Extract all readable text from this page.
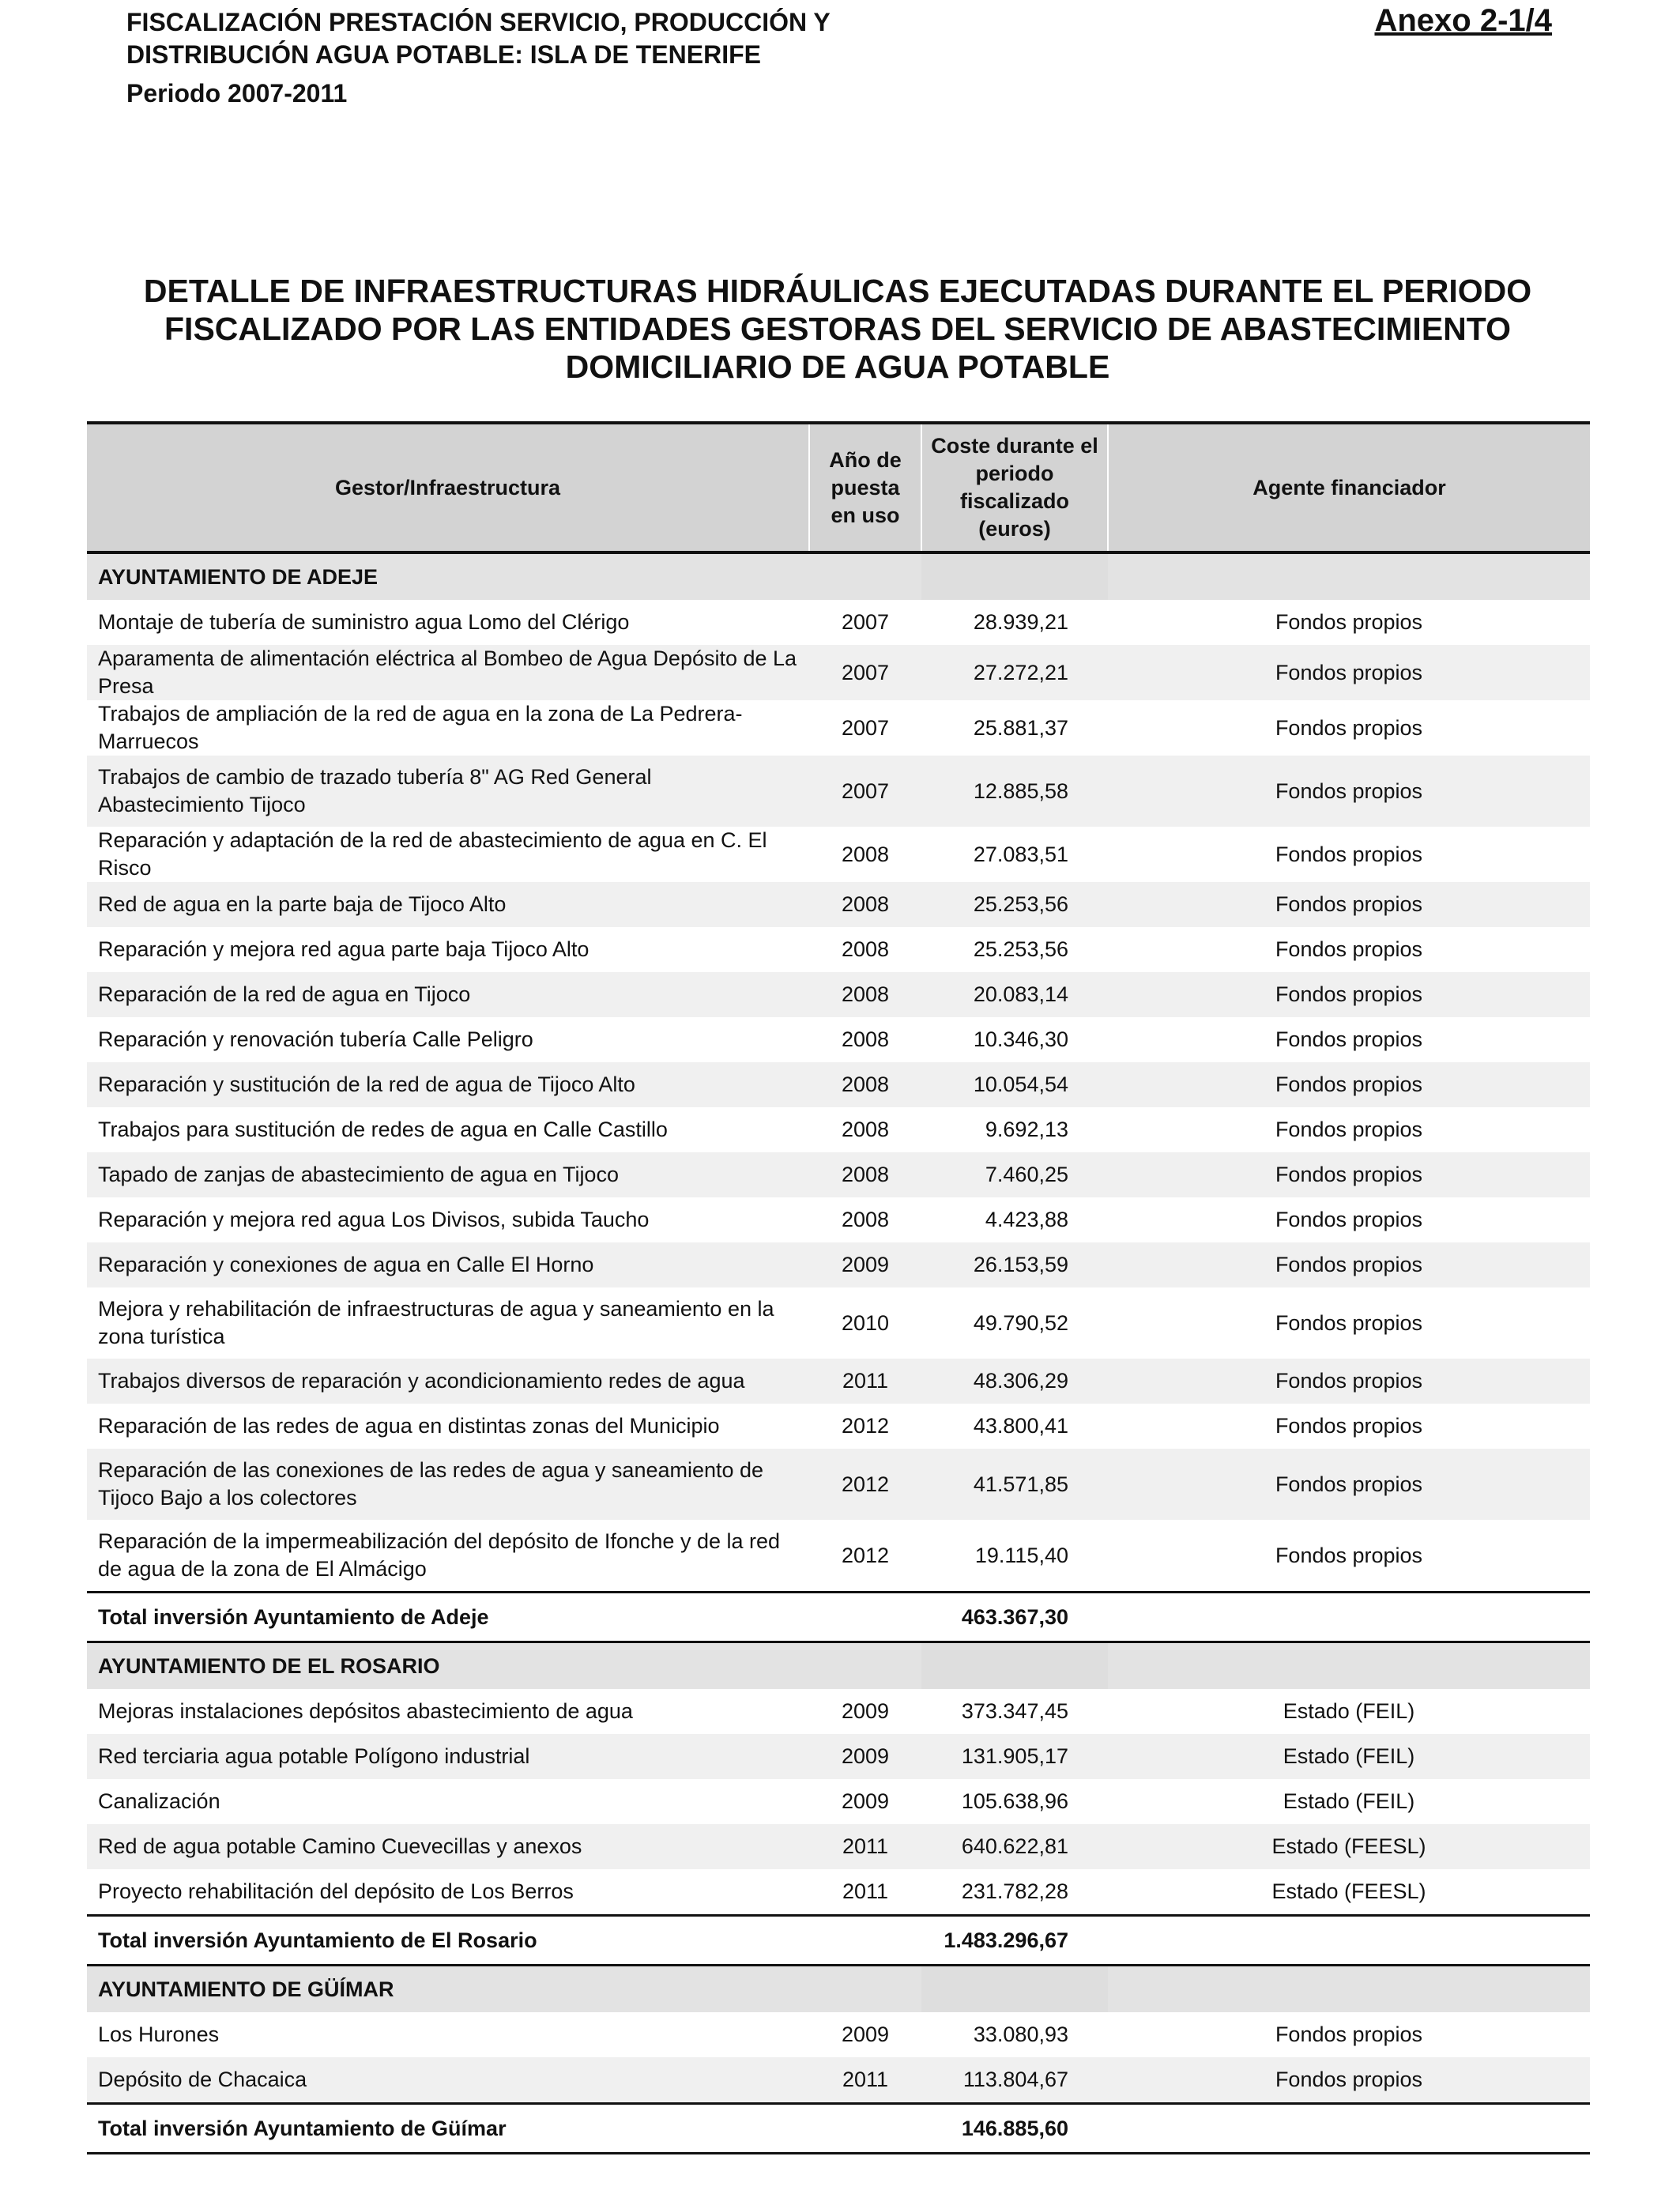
FISCALIZACIÓN PRESTACIÓN SERVICIO, PRODUCCIÓN Y
DISTRIBUCIÓN AGUA POTABLE: ISLA DE TENERIFE
Periodo 2007-2011
Anexo 2-1/4
DETALLE DE INFRAESTRUCTURAS HIDRÁULICAS EJECUTADAS DURANTE EL PERIODO
FISCALIZADO POR LAS ENTIDADES GESTORAS DEL SERVICIO DE ABASTECIMIENTO
DOMICILIARIO DE AGUA POTABLE
Gestor/Infraestructura	Año de puesta en uso	Coste durante el periodo fiscalizado (euros)	Agente financiador
AYUNTAMIENTO DE ADEJE			
Montaje de tubería de suministro agua Lomo del Clérigo	2007	28.939,21	Fondos propios
Aparamenta de alimentación eléctrica al Bombeo de Agua Depósito de La Presa	2007	27.272,21	Fondos propios
Trabajos de ampliación de la red de agua en la zona de La Pedrera-Marruecos	2007	25.881,37	Fondos propios
Trabajos de cambio de trazado tubería 8" AG Red General Abastecimiento Tijoco	2007	12.885,58	Fondos propios
Reparación y adaptación de la red de abastecimiento de agua en C. El Risco	2008	27.083,51	Fondos propios
Red de agua en la parte baja de Tijoco Alto	2008	25.253,56	Fondos propios
Reparación y mejora red agua parte baja Tijoco Alto	2008	25.253,56	Fondos propios
Reparación de la red de agua en Tijoco	2008	20.083,14	Fondos propios
Reparación y renovación tubería Calle Peligro	2008	10.346,30	Fondos propios
Reparación y sustitución de la red de agua de Tijoco Alto	2008	10.054,54	Fondos propios
Trabajos para sustitución de redes de agua en Calle Castillo	2008	9.692,13	Fondos propios
Tapado de zanjas de abastecimiento de agua en Tijoco	2008	7.460,25	Fondos propios
Reparación y mejora red agua Los Divisos, subida Taucho	2008	4.423,88	Fondos propios
Reparación y conexiones de agua en Calle El Horno	2009	26.153,59	Fondos propios
Mejora y rehabilitación de infraestructuras de agua y saneamiento en la zona turística	2010	49.790,52	Fondos propios
Trabajos diversos de reparación y acondicionamiento redes de agua	2011	48.306,29	Fondos propios
Reparación de las redes de agua en distintas zonas del Municipio	2012	43.800,41	Fondos propios
Reparación de las conexiones de las redes de agua y saneamiento de Tijoco Bajo a los colectores	2012	41.571,85	Fondos propios
Reparación de la impermeabilización del depósito de Ifonche y de la red de agua de la zona de El Almácigo	2012	19.115,40	Fondos propios
Total inversión Ayuntamiento de Adeje		463.367,30	
AYUNTAMIENTO DE EL ROSARIO			
Mejoras instalaciones depósitos abastecimiento de agua	2009	373.347,45	Estado (FEIL)
Red terciaria agua potable Polígono industrial	2009	131.905,17	Estado (FEIL)
Canalización	2009	105.638,96	Estado (FEIL)
Red de agua potable Camino Cuevecillas y anexos	2011	640.622,81	Estado (FEESL)
Proyecto rehabilitación del depósito de Los Berros	2011	231.782,28	Estado (FEESL)
Total inversión Ayuntamiento de El Rosario		1.483.296,67	
AYUNTAMIENTO DE GÜÍMAR			
Los Hurones	2009	33.080,93	Fondos propios
Depósito de Chacaica	2011	113.804,67	Fondos propios
Total inversión Ayuntamiento de Güímar		146.885,60	
